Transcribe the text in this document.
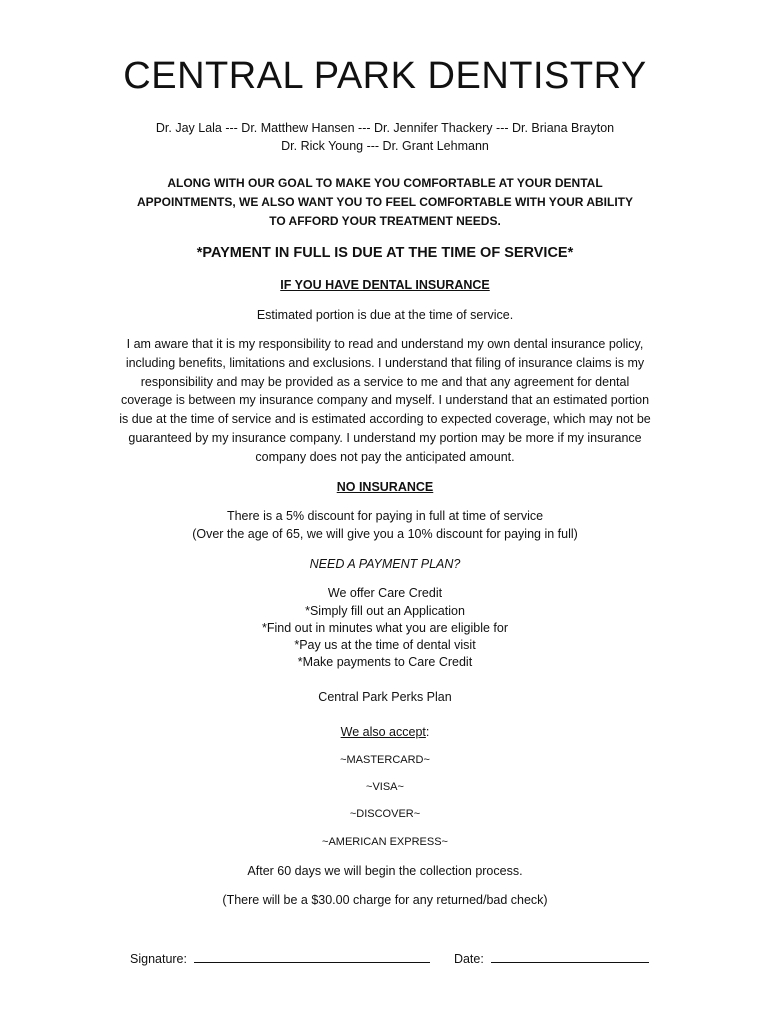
CENTRAL PARK DENTISTRY
Dr. Jay Lala --- Dr. Matthew Hansen --- Dr. Jennifer Thackery --- Dr. Briana Brayton
Dr. Rick Young --- Dr. Grant Lehmann
ALONG WITH OUR GOAL TO MAKE YOU COMFORTABLE AT YOUR DENTAL
APPOINTMENTS, WE ALSO WANT YOU TO FEEL COMFORTABLE WITH YOUR ABILITY
TO AFFORD YOUR TREATMENT NEEDS.
*PAYMENT IN FULL IS DUE AT THE TIME OF SERVICE*
IF YOU HAVE DENTAL INSURANCE
Estimated portion is due at the time of service.
I am aware that it is my responsibility to read and understand my own dental insurance policy,
including benefits, limitations and exclusions. I understand that filing of insurance claims is my
responsibility and may be provided as a service to me and that any agreement for dental
coverage is between my insurance company and myself. I understand that an estimated portion
is due at the time of service and is estimated according to expected coverage, which may not be
guaranteed by my insurance company. I understand my portion may be more if my insurance
company does not pay the anticipated amount.
NO INSURANCE
There is a 5% discount for paying in full at time of service
(Over the age of 65, we will give you a 10% discount for paying in full)
NEED A PAYMENT PLAN?
We offer Care Credit
*Simply fill out an Application
*Find out in minutes what you are eligible for
*Pay us at the time of dental visit
*Make payments to Care Credit
Central Park Perks Plan
We also accept:
~MASTERCARD~
~VISA~
~DISCOVER~
~AMERICAN EXPRESS~
After 60 days we will begin the collection process.
(There will be a $30.00 charge for any returned/bad check)
Signature:	Date:
